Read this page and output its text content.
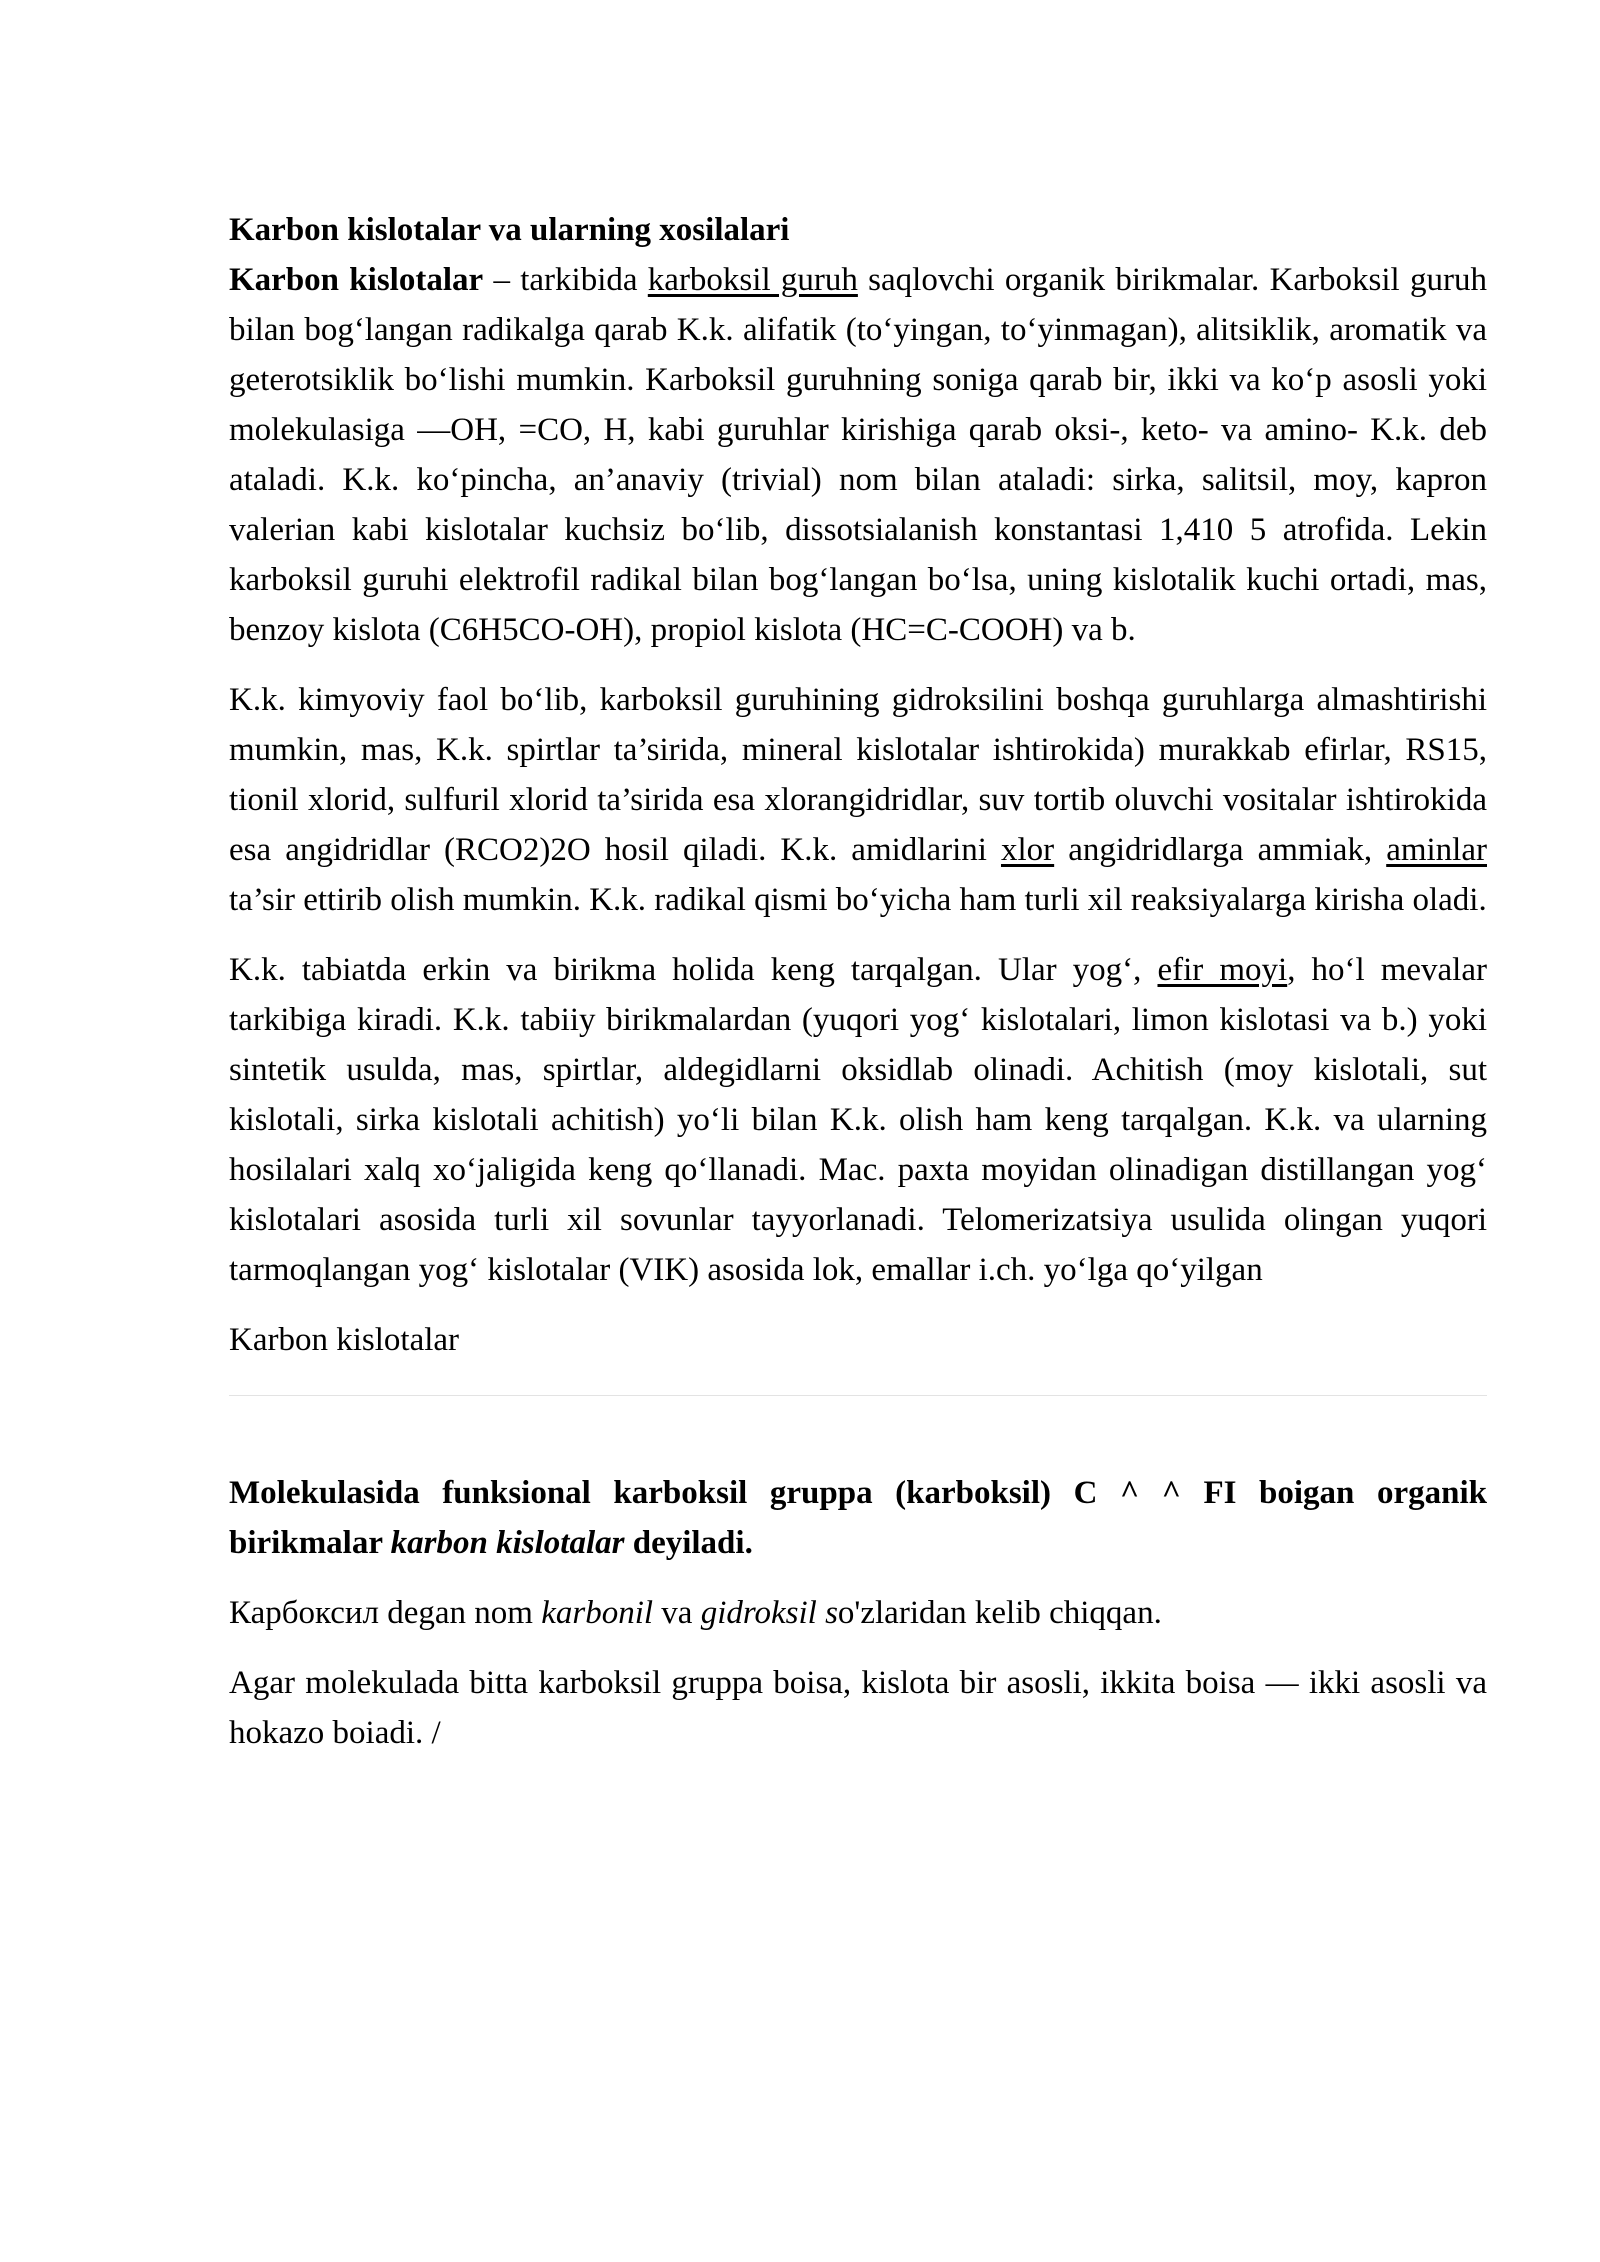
Karbon kislotalar va ularning xosilalari

Karbon kislotalar – tarkibida karboksil guruh saqlovchi organik birikmalar. Karboksil guruh bilan bog‘langan radikalga qarab K.k. alifatik (to‘yingan, to‘yinmagan), alitsiklik, aromatik va geterotsiklik bo‘lishi mumkin. Karboksil guruhning soniga qarab bir, ikki va ko‘p asosli yoki molekulasiga —OH, =CO, H, kabi guruhlar kirishiga qarab oksi-, keto- va amino- K.k. deb ataladi. K.k. ko‘pincha, an’anaviy (trivial) nom bilan ataladi: sirka, salitsil, moy, kapron valerian kabi kislotalar kuchsiz bo‘lib, dissotsialanish konstantasi 1,410 5 atrofida. Lekin karboksil guruhi elektrofil radikal bilan bog‘langan bo‘lsa, uning kislotalik kuchi ortadi, mas, benzoy kislota (C6H5CO-OH), propiol kislota (HC=C-COOH) va b.

K.k. kimyoviy faol bo‘lib, karboksil guruhining gidroksilini boshqa guruhlarga almashtirishi mumkin, mas, K.k. spirtlar ta’sirida, mineral kislotalar ishtirokida) murakkab efirlar, RS15, tionil xlorid, sulfuril xlorid ta’sirida esa xlorangidridlar, suv tortib oluvchi vositalar ishtirokida esa angidridlar (RCO2)2O hosil qiladi. K.k. amidlarini xlor angidridlarga ammiak, aminlar ta’sir ettirib olish mumkin. K.k. radikal qismi bo‘yicha ham turli xil reaksiyalarga kirisha oladi.

K.k. tabiatda erkin va birikma holida keng tarqalgan. Ular yog‘, efir moyi, ho‘l mevalar tarkibiga kiradi. K.k. tabiiy birikmalardan (yuqori yog‘ kislotalari, limon kislotasi va b.) yoki sintetik usulda, mas, spirtlar, aldegidlarni oksidlab olinadi. Achitish (moy kislotali, sut kislotali, sirka kislotali achitish) yo‘li bilan K.k. olish ham keng tarqalgan. K.k. va ularning hosilalari xalq xo‘jaligida keng qo‘llanadi. Mac. paxta moyidan olinadigan distillangan yog‘ kislotalari asosida turli xil sovunlar tayyorlanadi. Telomerizatsiya usulida olingan yuqori tarmoqlangan yog‘ kislotalar (VIK) asosida lok, emallar i.ch. yo‘lga qo‘yilgan

Karbon kislotalar

Molekulasida funksional karboksil gruppa (karboksil) C ^ ^ FI boigan organik birikmalar karbon kislotalar deyiladi.

Карбоксил degan nom karbonil va gidroksil so'zlaridan kelib chiqqan.

Agar molekulada bitta karboksil gruppa boisa, kislota bir asosli, ikkita boisa — ikki asosli va hokazo boiadi. /
